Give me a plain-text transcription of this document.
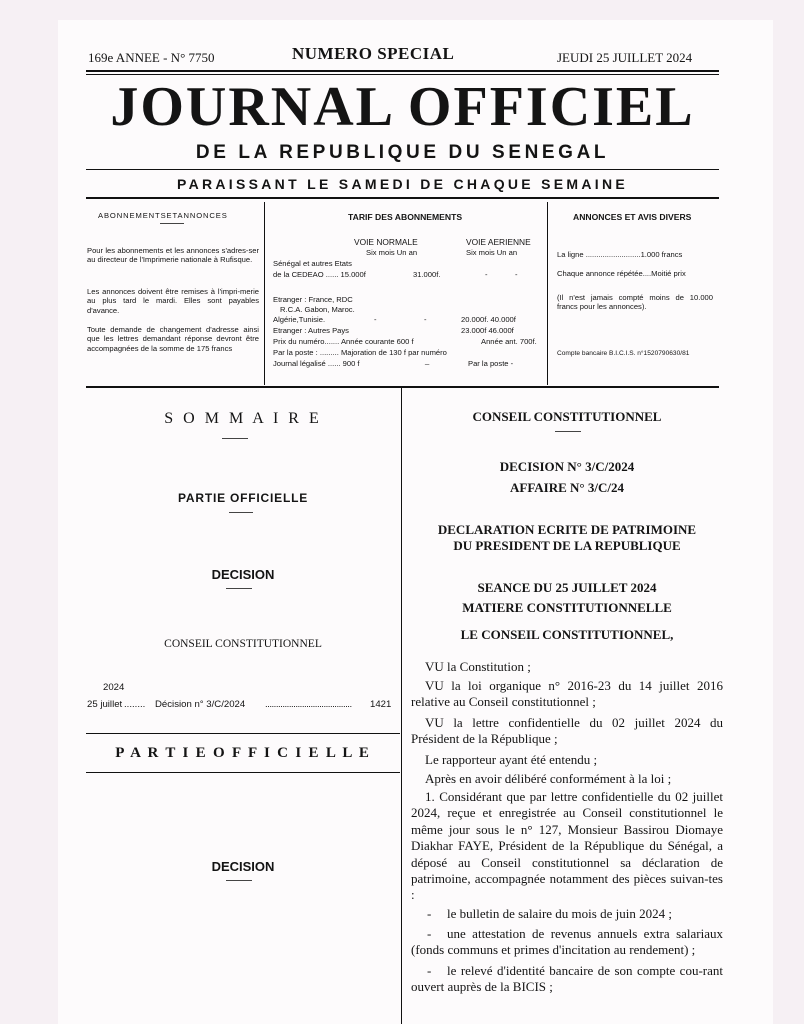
169e ANNEE - N° 7750	NUMERO SPECIAL	JEUDI 25 JUILLET 2024
JOURNAL OFFICIEL
DE LA REPUBLIQUE DU SENEGAL
PARAISSANT LE SAMEDI DE CHAQUE SEMAINE
ABONNEMENTSETANNONCES
Pour les abonnements et les annonces s'adres-ser au directeur de l'Imprimerie nationale à Rufisque.
Les annonces doivent être remises à l'impri-merie au plus tard le mardi. Elles sont payables d'avance.
Toute demande de changement d'adresse ainsi que les lettres demandant réponse devront être accompagnées de la somme de 175 francs
TARIF DES ABONNEMENTS
VOIE NORMALE	VOIE AERIENNE
Six mois Un an	Six mois Un an
Sénégal et autres Etats
de la CEDEAO ...... 15.000f	31.000f.	-	-
Etranger : France, RDC
R.C.A. Gabon, Maroc.
Algérie,Tunisie.	-	-	20.000f. 40.000f
Etranger : Autres Pays	23.000f 46.000f
Prix du numéro....... Année courante 600 f	Année ant. 700f.
Par la poste : ......... Majoration de 130 f par numéro
Journal légalisé ...... 900 f	_	Par la poste -
ANNONCES ET AVIS DIVERS
La ligne ..........................1.000 francs
Chaque annonce répétée....Moitié prix
(Il n'est jamais compté moins de 10.000 francs pour les annonces).
Compte bancaire B.I.C.I.S. n°1520790630/81
S O M M A I R E
PARTIE OFFICIELLE
DECISION
CONSEIL CONSTITUTIONNEL
2024
25 juillet ........ Décision n° 3/C/2024 ........................................ 1421
P A R T I E O F F I C I E L L E
DECISION
CONSEIL CONSTITUTIONNEL
DECISION N° 3/C/2024
AFFAIRE N° 3/C/24
DECLARATION ECRITE DE PATRIMOINE
DU PRESIDENT DE LA REPUBLIQUE
SEANCE DU 25 JUILLET 2024
MATIERE CONSTITUTIONNELLE
LE CONSEIL CONSTITUTIONNEL,
VU la Constitution ;
VU la loi organique n° 2016-23 du 14 juillet 2016 relative au Conseil constitutionnel ;
VU la lettre confidentielle du 02 juillet 2024 du Président de la République ;
Le rapporteur ayant été entendu ;
Après en avoir délibéré conformément à la loi ;
1. Considérant que par lettre confidentielle du 02 juillet 2024, reçue et enregistrée au Conseil constitutionnel le même jour sous le n° 127, Monsieur Bassirou Diomaye Diakhar FAYE, Président de la République du Sénégal, a déposé au Conseil constitutionnel sa déclaration de patrimoine, accompagnée notamment des pièces suivan-tes :
- le bulletin de salaire du mois de juin 2024 ;
-	une attestation de revenus annuels extra salariaux (fonds communs et primes d'incitation au rendement) ;
-	le relevé d'identité bancaire de son compte cou-rant ouvert auprès de la BICIS ;
